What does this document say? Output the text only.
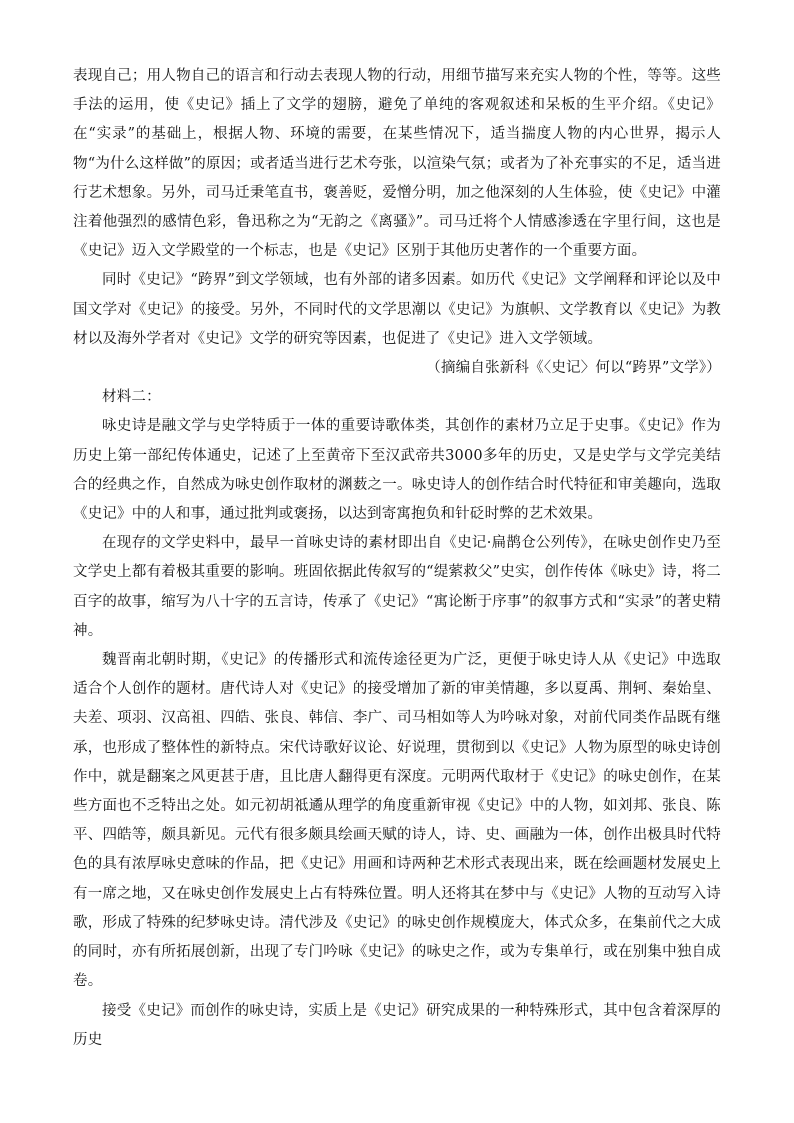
表现自己；用人物自己的语言和行动去表现人物的行动，用细节描写来充实人物的个性，等等。这些手法的运用，使《史记》插上了文学的翅膀，避免了单纯的客观叙述和呆板的生平介绍。《史记》在“实录”的基础上，根据人物、环境的需要，在某些情况下，适当揣度人物的内心世界，揭示人物“为什么这样做”的原因；或者适当进行艺术夸张，以渲染气氛；或者为了补充事实的不足，适当进行艺术想象。另外，司马迁秉笔直书，褒善贬，爱憎分明，加之他深刻的人生体验，使《史记》中灌注着他强烈的感情色彩，鲁迅称之为“无韵之《离骚》”。司马迁将个人情感渗透在字里行间，这也是《史记》迈入文学殿堂的一个标志，也是《史记》区别于其他历史著作的一个重要方面。

同时《史记》“跨界”到文学领域，也有外部的诸多因素。如历代《史记》文学阐释和评论以及中国文学对《史记》的接受。另外，不同时代的文学思潮以《史记》为旗帜、文学教育以《史记》为教材以及海外学者对《史记》文学的研究等因素，也促进了《史记》进入文学领域。

（摘编自张新科《〈史记〉何以“跨界”文学》）

材料二：

咏史诗是融文学与史学特质于一体的重要诗歌体类，其创作的素材乃立足于史事。《史记》作为历史上第一部纪传体通史，记述了上至黄帝下至汉武帝共3000多年的历史，又是史学与文学完美结合的经典之作，自然成为咏史创作取材的渊薮之一。咏史诗人的创作结合时代特征和审美趣向，选取《史记》中的人和事，通过批判或褒扬，以达到寄寓抱负和针砭时弊的艺术效果。

在现存的文学史料中，最早一首咏史诗的素材即出自《史记·扁鹊仓公列传》，在咏史创作史乃至文学史上都有着极其重要的影响。班固依据此传叙写的“缇萦救父”史实，创作传体《咏史》诗，将二百字的故事，缩写为八十字的五言诗，传承了《史记》“寓论断于序事”的叙事方式和“实录”的著史精神。

魏晋南北朝时期，《史记》的传播形式和流传途径更为广泛，更便于咏史诗人从《史记》中选取适合个人创作的题材。唐代诗人对《史记》的接受增加了新的审美情趣，多以夏禹、荆轲、秦始皇、夫差、项羽、汉高祖、四皓、张良、韩信、李广、司马相如等人为吟咏对象，对前代同类作品既有继承，也形成了整体性的新特点。宋代诗歌好议论、好说理，贯彻到以《史记》人物为原型的咏史诗创作中，就是翻案之风更甚于唐，且比唐人翻得更有深度。元明两代取材于《史记》的咏史创作，在某些方面也不乏特出之处。如元初胡祗遹从理学的角度重新审视《史记》中的人物，如刘邦、张良、陈平、四皓等，颇具新见。元代有很多颇具绘画天赋的诗人，诗、史、画融为一体，创作出极具时代特色的具有浓厚咏史意味的作品，把《史记》用画和诗两种艺术形式表现出来，既在绘画题材发展史上有一席之地，又在咏史创作发展史上占有特殊位置。明人还将其在梦中与《史记》人物的互动写入诗歌，形成了特殊的纪梦咏史诗。清代涉及《史记》的咏史创作规模庞大，体式众多，在集前代之大成的同时，亦有所拓展创新，出现了专门吟咏《史记》的咏史之作，或为专集单行，或在别集中独自成卷。

接受《史记》而创作的咏史诗，实质上是《史记》研究成果的一种特殊形式，其中包含着深厚的历史
